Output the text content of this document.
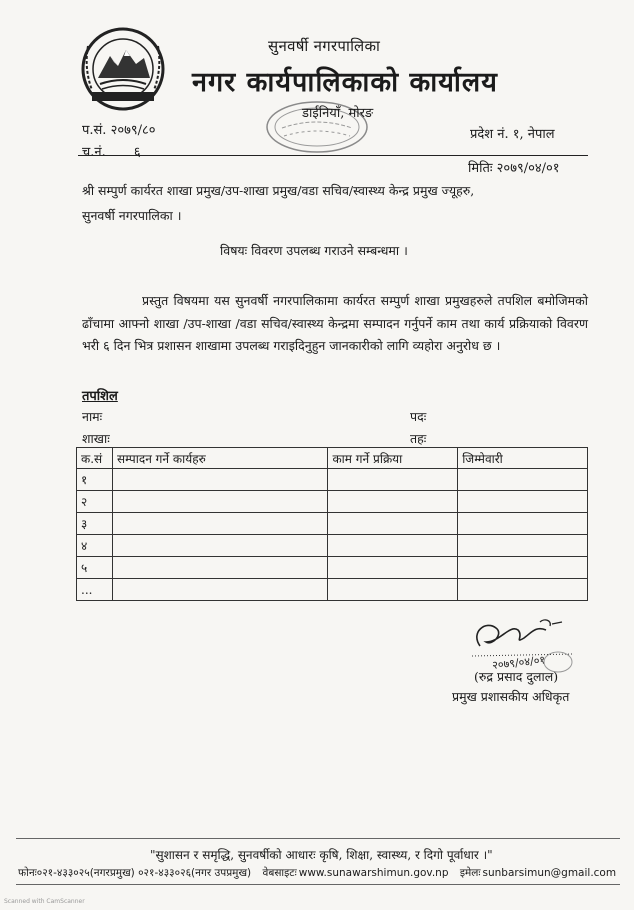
सुनवर्षी नगरपालिका
नगर कार्यपालिकाको कार्यालय
डाईनियाँ, मोरङ
प.सं. २०७९/८०
च.नं. ६
प्रदेश नं. १, नेपाल
मितिः २०७९/०४/०१
श्री सम्पुर्ण कार्यरत शाखा प्रमुख/उप-शाखा प्रमुख/वडा सचिव/स्वास्थ्य केन्द्र प्रमुख ज्यूहरु,
सुनवर्षी नगरपालिका ।
विषयः विवरण उपलब्ध गराउने सम्बन्धमा ।
प्रस्तुत विषयमा यस सुनवर्षी नगरपालिकामा कार्यरत सम्पुर्ण शाखा प्रमुखहरुले तपशिल बमोजिमको ढाँचामा आफ्नो शाखा /उप-शाखा /वडा सचिव/स्वास्थ्य केन्द्रमा सम्पादन गर्नुपर्ने काम तथा कार्य प्रक्रियाको विवरण भरी ६ दिन भित्र प्रशासन शाखामा उपलब्ध गराइदिनुहुन जानकारीको लागि व्यहोरा अनुरोध छ ।
तपशिल
नामः	पदः
शाखाः	तहः
क.सं	सम्पादन गर्ने कार्यहरु	काम गर्ने प्रक्रिया	जिम्मेवारी
१			
२			
३			
४			
५			
...			
२०७९/०४/०१
(रुद्र प्रसाद दुलाल)
प्रमुख प्रशासकीय अधिकृत
"सुशासन र समृद्धि, सुनवर्षीको आधारः कृषि, शिक्षा, स्वास्थ्य, र दिगो पूर्वाधार ।"
फोनः०२१-४३३०२५(नगरप्रमुख) ०२१-४३३०२६(नगर उपप्रमुख) वेबसाइटः www.sunawarshimun.gov.np इमेलः sunbarsimun@gmail.com
Scanned with CamScanner
